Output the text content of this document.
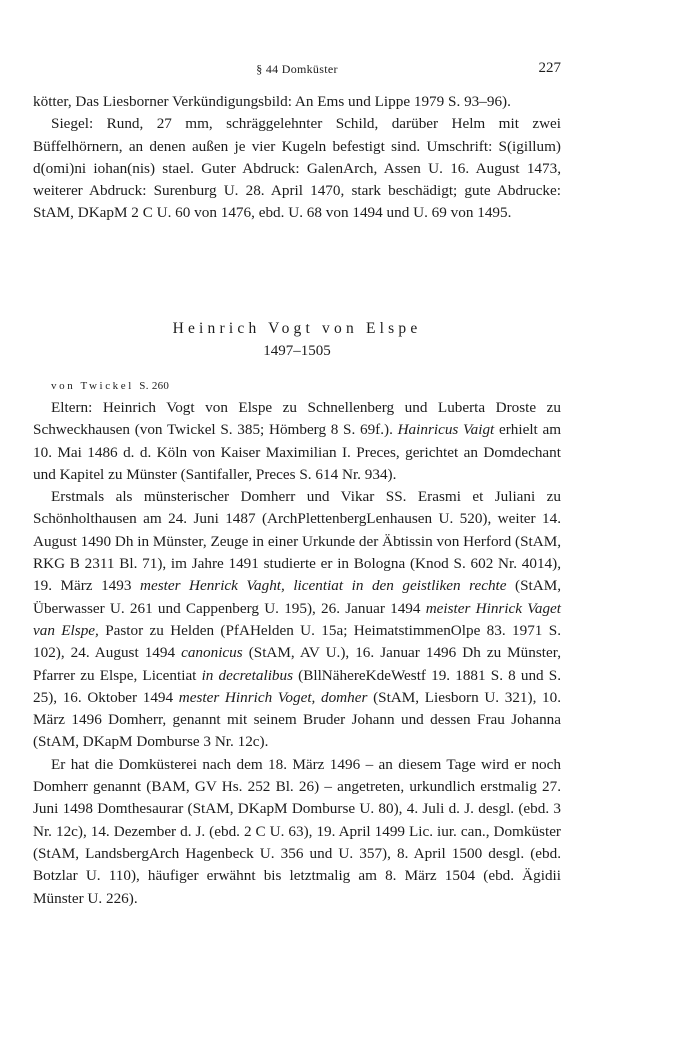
§ 44 Domküster	227

kötter, Das Liesborner Verkündigungsbild: An Ems und Lippe 1979 S. 93–96).

Siegel: Rund, 27 mm, schräggelehnter Schild, darüber Helm mit zwei Büffelhörnern, an denen außen je vier Kugeln befestigt sind. Umschrift: S(igillum) d(omi)ni iohan(nis) stael. Guter Abdruck: GalenArch, Assen U. 16. August 1473, weiterer Abdruck: Surenburg U. 28. April 1470, stark beschädigt; gute Abdrucke: StAM, DKapM 2 C U. 60 von 1476, ebd. U. 68 von 1494 und U. 69 von 1495.

Heinrich Vogt von Elspe
1497–1505
von Twickel S. 260

Eltern: Heinrich Vogt von Elspe zu Schnellenberg und Luberta Droste zu Schweckhausen (von Twickel S. 385; Hömberg 8 S. 69f.). Hainricus Vaigt erhielt am 10. Mai 1486 d. d. Köln von Kaiser Maximilian I. Preces, gerichtet an Domdechant und Kapitel zu Münster (Santifaller, Preces S. 614 Nr. 934).

Erstmals als münsterischer Domherr und Vikar SS. Erasmi et Juliani zu Schönholthausen am 24. Juni 1487 (ArchPlettenbergLenhausen U. 520), weiter 14. August 1490 Dh in Münster, Zeuge in einer Urkunde der Äbtissin von Herford (StAM, RKG B 2311 Bl. 71), im Jahre 1491 studierte er in Bologna (Knod S. 602 Nr. 4014), 19. März 1493 mester Henrick Vaght, licentiat in den geistliken rechte (StAM, Überwasser U. 261 und Cappenberg U. 195), 26. Januar 1494 meister Hinrick Vaget van Elspe, Pastor zu Helden (PfAHelden U. 15a; HeimatstimmenOlpe 83. 1971 S. 102), 24. August 1494 canonicus (StAM, AV U.), 16. Januar 1496 Dh zu Münster, Pfarrer zu Elspe, Licentiat in decretalibus (BllNähereKdeWestf 19. 1881 S. 8 und S. 25), 16. Oktober 1494 mester Hinrich Voget, domher (StAM, Liesborn U. 321), 10. März 1496 Domherr, genannt mit seinem Bruder Johann und dessen Frau Johanna (StAM, DKapM Domburse 3 Nr. 12c).

Er hat die Domküsterei nach dem 18. März 1496 – an diesem Tage wird er noch Domherr genannt (BAM, GV Hs. 252 Bl. 26) – angetreten, urkundlich erstmalig 27. Juni 1498 Domthesaurar (StAM, DKapM Domburse U. 80), 4. Juli d. J. desgl. (ebd. 3 Nr. 12c), 14. Dezember d. J. (ebd. 2 C U. 63), 19. April 1499 Lic. iur. can., Domküster (StAM, LandsbergArch Hagenbeck U. 356 und U. 357), 8. April 1500 desgl. (ebd. Botzlar U. 110), häufiger erwähnt bis letztmalig am 8. März 1504 (ebd. Ägidii Münster U. 226).
